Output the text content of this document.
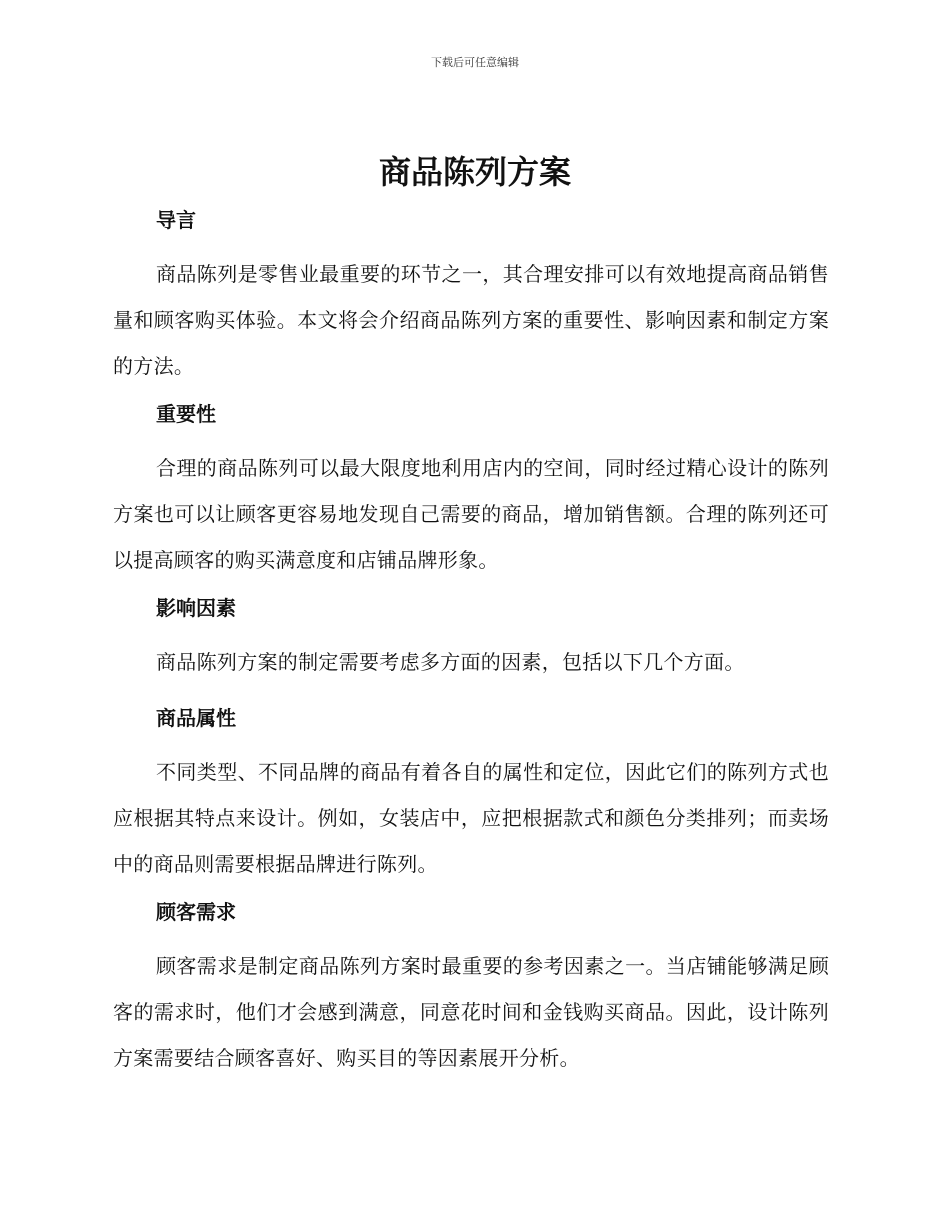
下载后可任意编辑
商品陈列方案
导言

商品陈列是零售业最重要的环节之一，其合理安排可以有效地提高商品销售量和顾客购买体验。本文将会介绍商品陈列方案的重要性、影响因素和制定方案的方法。

重要性

合理的商品陈列可以最大限度地利用店内的空间，同时经过精心设计的陈列方案也可以让顾客更容易地发现自己需要的商品，增加销售额。合理的陈列还可以提高顾客的购买满意度和店铺品牌形象。

影响因素

商品陈列方案的制定需要考虑多方面的因素，包括以下几个方面。

商品属性

不同类型、不同品牌的商品有着各自的属性和定位，因此它们的陈列方式也应根据其特点来设计。例如，女装店中，应把根据款式和颜色分类排列；而卖场中的商品则需要根据品牌进行陈列。

顾客需求

顾客需求是制定商品陈列方案时最重要的参考因素之一。当店铺能够满足顾客的需求时，他们才会感到满意，同意花时间和金钱购买商品。因此，设计陈列方案需要结合顾客喜好、购买目的等因素展开分析。
